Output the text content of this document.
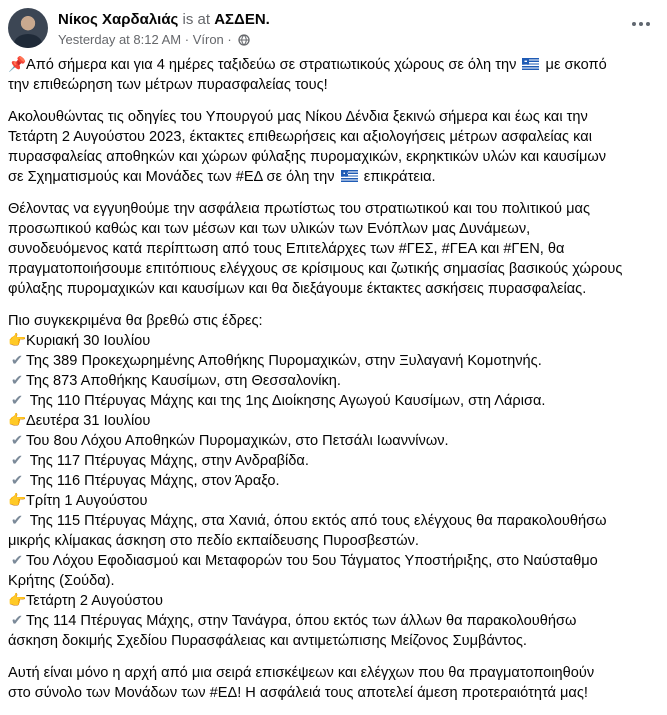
Νίκος Χαρδαλιάς is at ΑΣΔΕΝ.
Yesterday at 8:12 AM · Víron ·

📌Από σήμερα και για 4 ημέρες ταξιδεύω σε στρατιωτικούς χώρους σε όλη την με σκοπό
την επιθεώρηση των μέτρων πυρασφαλείας τους!

Ακολουθώντας τις οδηγίες του Υπουργού μας Νίκου Δένδια ξεκινώ σήμερα και έως και την
Τετάρτη 2 Αυγούστου 2023, έκτακτες επιθεωρήσεις και αξιολογήσεις μέτρων ασφαλείας και
πυρασφαλείας αποθηκών και χώρων φύλαξης πυρομαχικών, εκρηκτικών υλών και καυσίμων
σε Σχηματισμούς και Μονάδες των #ΕΔ σε όλη την επικράτεια.

Θέλοντας να εγγυηθούμε την ασφάλεια πρωτίστως του στρατιωτικού και του πολιτικού μας
προσωπικού καθώς και των μέσων και των υλικών των Ενόπλων μας Δυνάμεων,
συνοδευόμενος κατά περίπτωση από τους Επιτελάρχες των #ΓΕΣ, #ΓΕΑ και #ΓΕΝ, θα
πραγματοποιήσουμε επιτόπιους ελέγχους σε κρίσιμους και ζωτικής σημασίας βασικούς χώρους
φύλαξης πυρομαχικών και καυσίμων και θα διεξάγουμε έκτακτες ασκήσεις πυρασφαλείας.

Πιο συγκεκριμένα θα βρεθώ στις έδρες:
👉Κυριακή 30 Ιουλίου
✔ Της 389 Προκεχωρημένης Αποθήκης Πυρομαχικών, στην Ξυλαγανή Κομοτηνής.
✔ Της 873 Αποθήκης Καυσίμων, στη Θεσσαλονίκη.
✔ Της 110 Πτέρυγας Μάχης και της 1ης Διοίκησης Αγωγού Καυσίμων, στη Λάρισα.
👉Δευτέρα 31 Ιουλίου
✔ Του 8ου Λόχου Αποθηκών Πυρομαχικών, στο Πετσάλι Ιωαννίνων.
✔ Της 117 Πτέρυγας Μάχης, στην Ανδραβίδα.
✔ Της 116 Πτέρυγας Μάχης, στον Άραξο.
👉Τρίτη 1 Αυγούστου
✔ Της 115 Πτέρυγας Μάχης, στα Χανιά, όπου εκτός από τους ελέγχους θα παρακολουθήσω
μικρής κλίμακας άσκηση στο πεδίο εκπαίδευσης Πυροσβεστών.
✔ Του Λόχου Εφοδιασμού και Μεταφορών του 5ου Τάγματος Υποστήριξης, στο Ναύσταθμο
Κρήτης (Σούδα).
👉Τετάρτη 2 Αυγούστου
✔ Της 114 Πτέρυγας Μάχης, στην Τανάγρα, όπου εκτός των άλλων θα παρακολουθήσω
άσκηση δοκιμής Σχεδίου Πυρασφάλειας και αντιμετώπισης Μείζονος Συμβάντος.

Αυτή είναι μόνο η αρχή από μια σειρά επισκέψεων και ελέγχων που θα πραγματοποιηθούν
στο σύνολο των Μονάδων των #ΕΔ! Η ασφάλειά τους αποτελεί άμεση προτεραιότητά μας!
